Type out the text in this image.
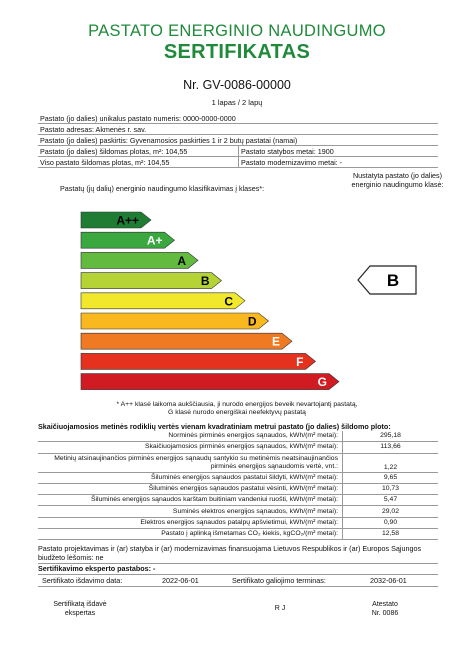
PASTATO ENERGINIO NAUDINGUMO
SERTIFIKATAS
Nr. GV-0086-00000
1 lapas / 2 lapų
Pastato (jo dalies) unikalus pastato numeris: 0000-0000-0000
Pastato adresas: Akmenės r. sav.
Pastato (jo dalies) paskirtis: Gyvenamosios paskirties 1 ir 2 butų pastatai (namai)
Pastato (jo dalies) šildomas plotas, m²: 104,55	Pastato statybos metai: 1900
Viso pastato šildomas plotas, m²: 104,55	Pastato modernizavimo metai: -
Pastatų (jų dalių) energinio naudingumo klasifikavimas į klases*:
Nustatyta pastato (jo dalies) energinio naudingumo klasė:
A++
A+
A
B
C
D
E
F
G
B
* A++ klasė laikoma aukščiausia, ji nurodo energijos beveik nevartojantį pastatą,
G klasė nurodo energiškai neefektyvų pastatą
Skaičiuojamosios metinės rodiklių vertės vienam kvadratiniam metrui pastato (jo dalies) šildomo ploto:
Norminės pirminės energijos sąnaudos, kWh/(m² metai):	295,18
Skaičiuojamosios pirminės energijos sąnaudos, kWh/(m² metai):	113,66
Metinių atsinaujinančios pirminės energijos sąnaudų santykio su metinėmis neatsinaujinančios pirminės energijos sąnaudomis vertė, vnt.:	1,22
Šiluminės energijos sąnaudos pastatui šildyti, kWh/(m² metai):	9,65
Šiluminės energijos sąnaudos pastatui vėsinti, kWh/(m² metai):	10,73
Šiluminės energijos sąnaudos karštam buitiniam vandeniui ruošti, kWh/(m² metai):	5,47
Suminės elektros energijos sąnaudos, kWh/(m² metai):	29,02
Elektros energijos sąnaudos patalpų apšvietimui, kWh/(m² metai):	0,90
Pastato į aplinką išmetamas CO₂ kiekis, kgCO₂/(m² metai):	12,58
Pastato projektavimas ir (ar) statyba ir (ar) modernizavimas finansuojama Lietuvos Respublikos ir (ar) Europos Sąjungos biudžeto lėšomis: ne
Sertifikavimo eksperto pastabos: -
Sertifikato išdavimo data:	2022-06-01	Sertifikato galiojimo terminas:	2032-06-01
Sertifikatą išdavė
ekspertas
R J
Atestato
Nr. 0086
